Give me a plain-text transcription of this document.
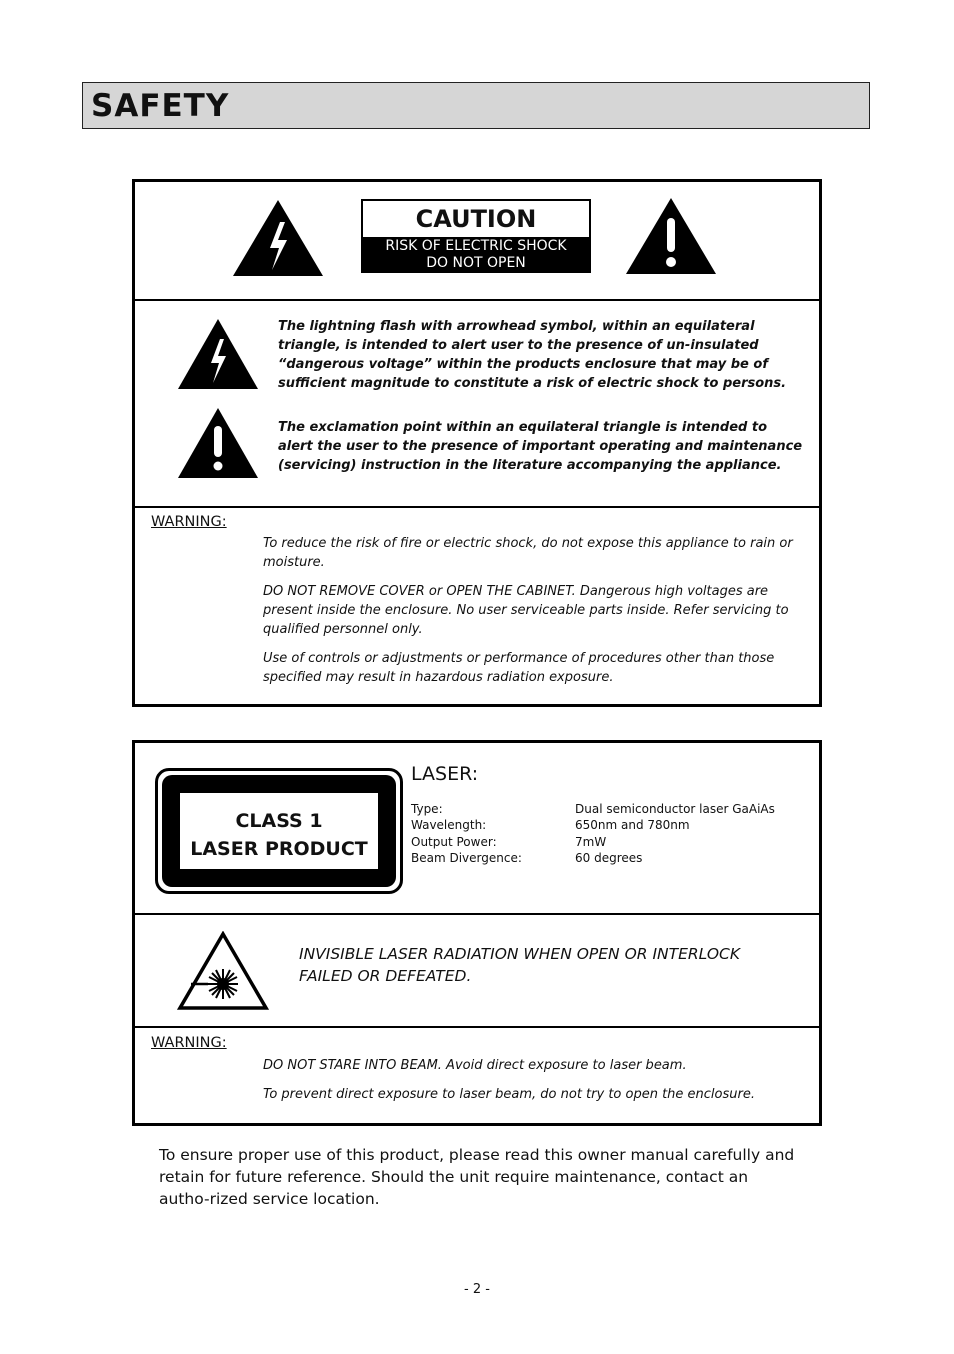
SAFETY
CAUTION
RISK OF ELECTRIC SHOCK
DO NOT OPEN
The lightning flash with arrowhead symbol, within an equilateral triangle, is intended to alert user to the presence of un-insulated “dangerous voltage” within the products enclosure that may be of sufficient magnitude to constitute a risk of electric shock to persons.
The exclamation point within an equilateral triangle is intended to alert the user to the presence of important operating and maintenance (servicing) instruction in the literature accompanying the appliance.
WARNING:
To reduce the risk of fire or electric shock, do not expose this appliance to rain or moisture.
DO NOT REMOVE COVER or OPEN THE CABINET. Dangerous high voltages are present inside the enclosure. No user serviceable parts inside. Refer servicing to qualified personnel only.
Use of controls or adjustments or performance of procedures other than those specified may result in hazardous radiation exposure.
CLASS 1
LASER PRODUCT
LASER:
Type:	Dual semiconductor laser GaAiAs
Wavelength:	650nm and 780nm
Output Power:	7mW
Beam Divergence:	60 degrees
INVISIBLE LASER RADIATION WHEN OPEN OR INTERLOCK
FAILED OR DEFEATED.
WARNING:
DO NOT STARE INTO BEAM. Avoid direct exposure to laser beam.
To prevent direct exposure to laser beam, do not try to open the enclosure.
To ensure proper use of this product, please read this owner manual carefully and retain for future reference. Should the unit require maintenance, contact an autho-rized service location.
- 2 -
